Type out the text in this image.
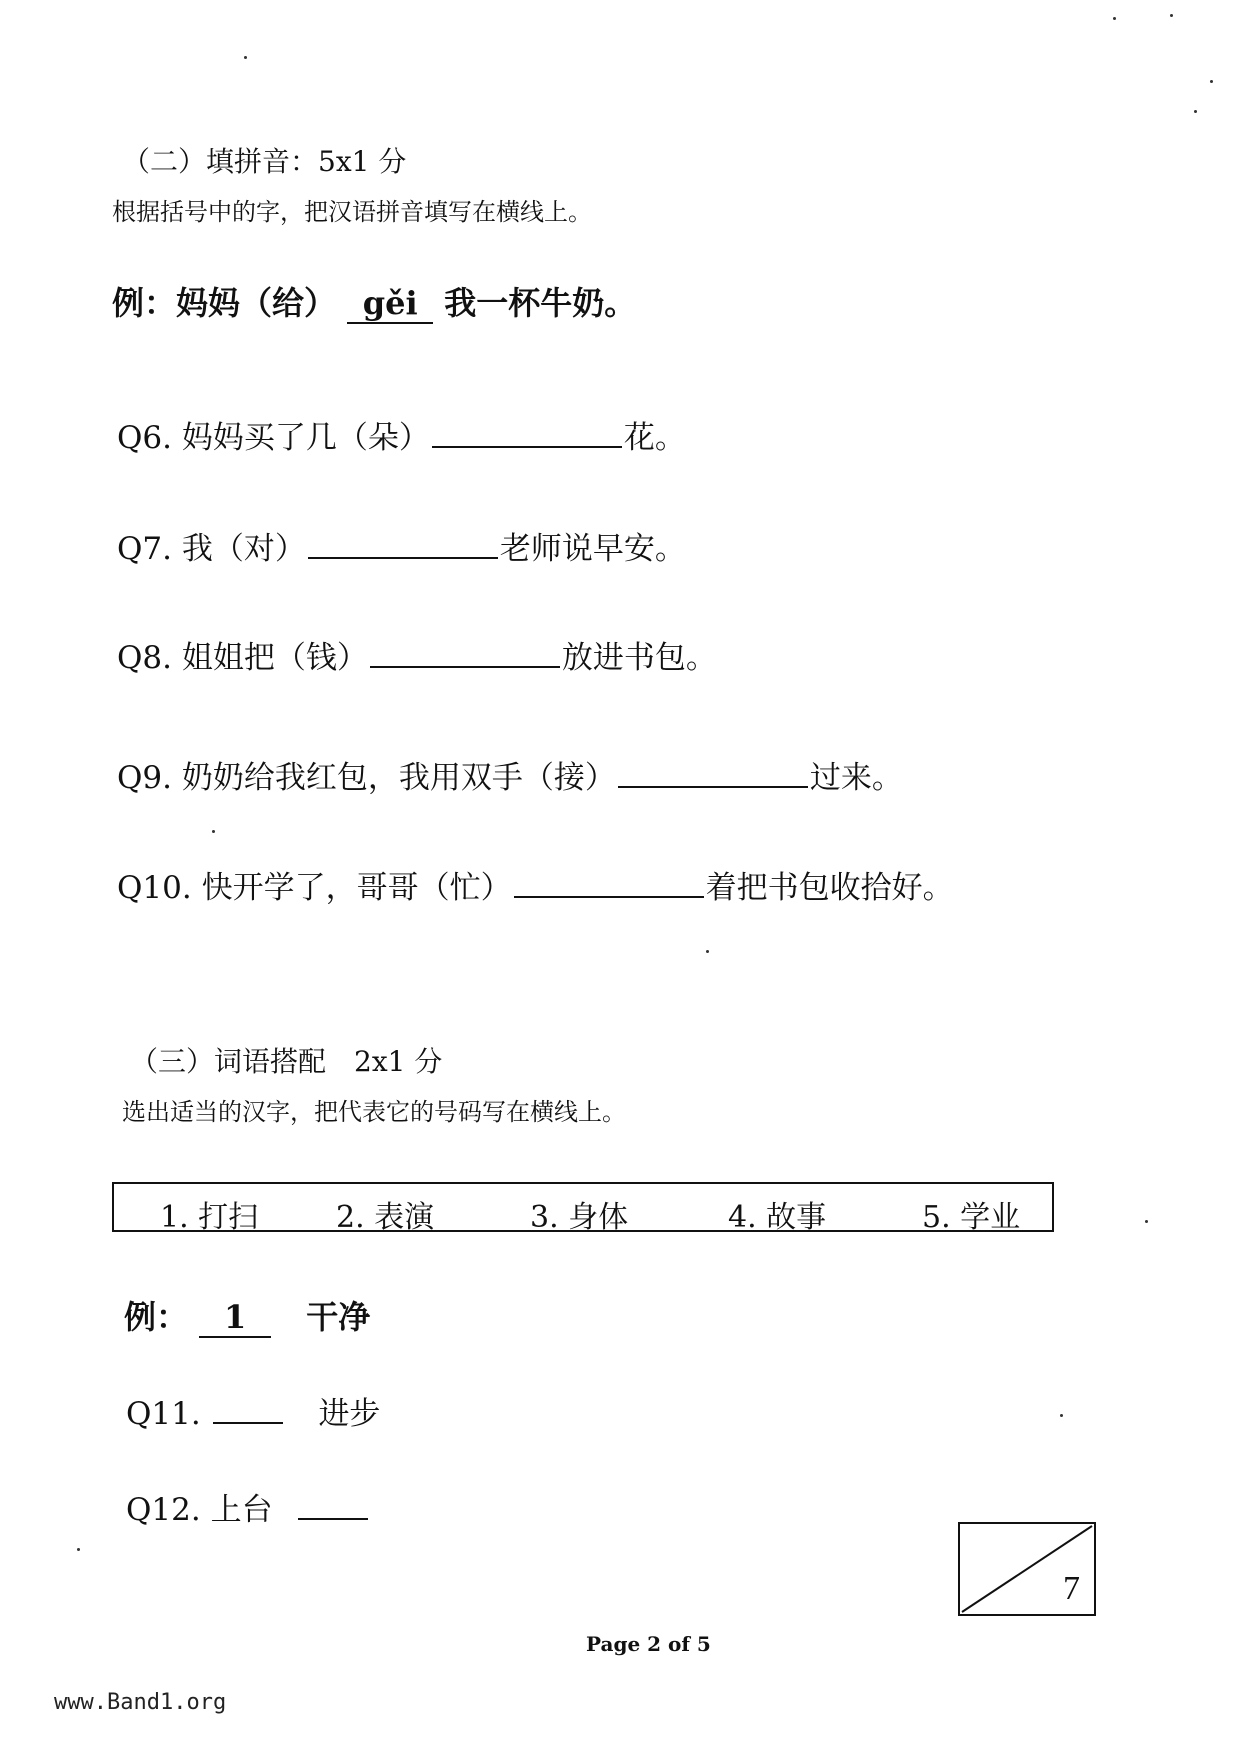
（二）填拼音：5x1 分
根据括号中的字，把汉语拼音填写在横线上。
例：妈妈（给） gěi 我一杯牛奶。
Q6. 妈妈买了几（朵）	花。
Q7. 我（对）	老师说早安。
Q8. 姐姐把（钱）	放进书包。
Q9. 奶奶给我红包，我用双手（接）	过来。
Q10. 快开学了，哥哥（忙）	着把书包收拾好。
（三）词语搭配　2x1 分
选出适当的汉字，把代表它的号码写在横线上。
1. 打扫	2. 表演	3. 身体	4. 故事	5. 学业
例： 1 干净
Q11.	进步
Q12. 上台
7
Page 2 of 5
www.Band1.org
